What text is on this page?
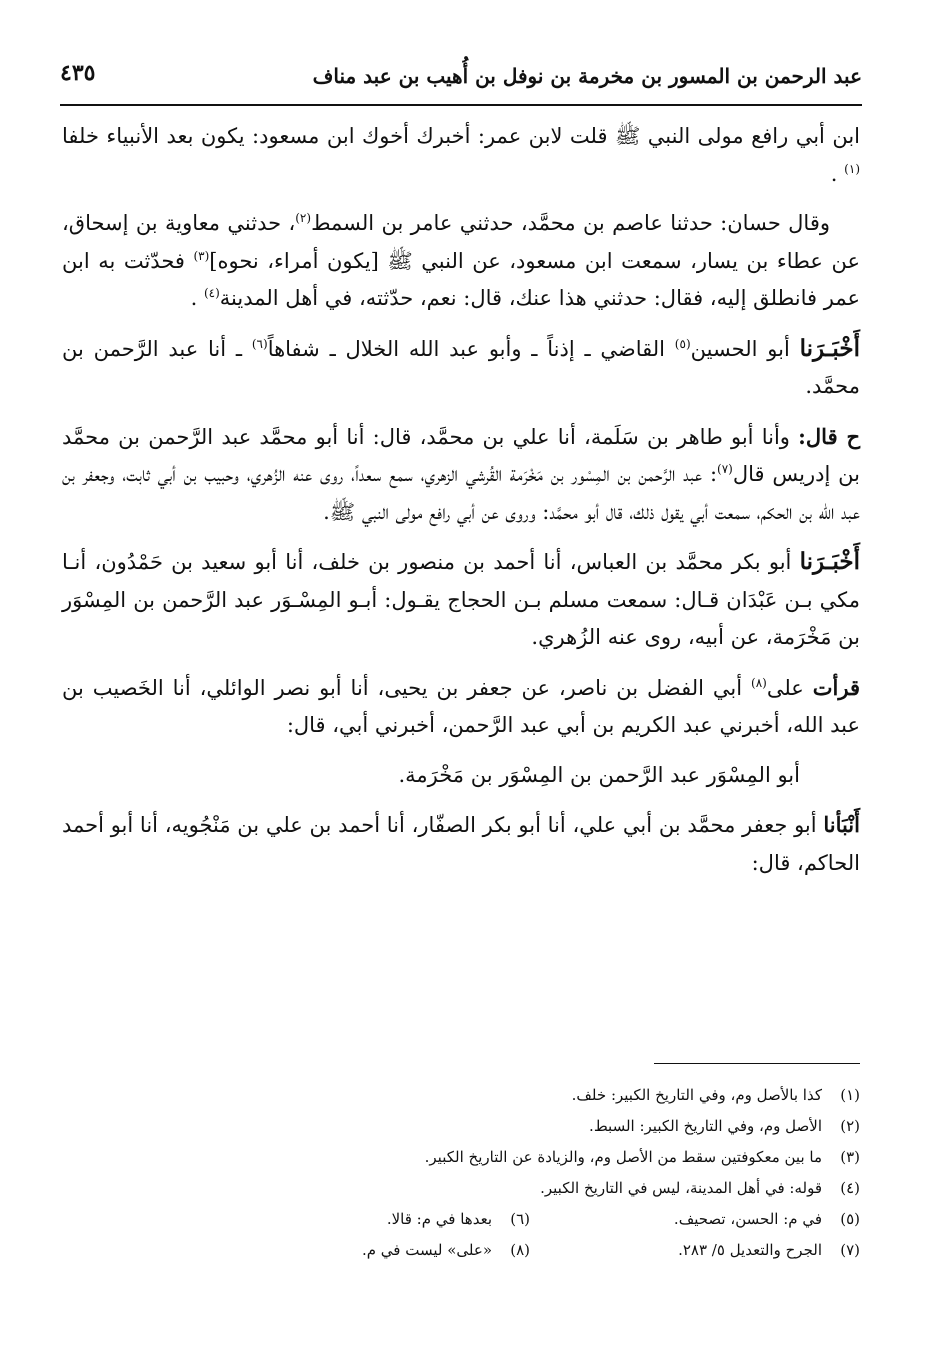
عبد الرحمن بن المسور بن مخرمة بن نوفل بن أُهيب بن عبد مناف
٤٣٥

ابن أبي رافع مولى النبي ﷺ قلت لابن عمر: أخبرك أخوك ابن مسعود: يكون بعد الأنبياء خلفا $^{(١)}$ .

وقال حسان: حدثنا عاصم بن محمَّد، حدثني عامر بن السمط$^{(٢)}$، حدثني معاوية بن إسحاق، عن عطاء بن يسار، سمعت ابن مسعود، عن النبي ﷺ [يكون أمراء، نحوه]$^{(٣)}$ فحدّثت به ابن عمر فانطلق إليه، فقال: حدثني هذا عنك، قال: نعم، حدّثته، في أهل المدينة$^{(٤)}$ .

أَخْبَـرَنا أبو الحسين$^{(٥)}$ القاضي ـ إذناً ـ وأبو عبد الله الخلال ـ شفاهاً$^{(٦)}$ ـ أنا عبد الرَّحمن بن محمَّد.

ح قال: وأنا أبو طاهر بن سَلَمة، أنا علي بن محمَّد، قال: أنا أبو محمَّد عبد الرَّحمن بن محمَّد بن إدريس قال$^{(٧)}$: عبد الرَّحمن بن المِسْور بن مَخْرَمة القُرشي الزهري، سمع سعداً، روى عنه الزُهري، وحبيب بن أبي ثابت، وجعفر بن عبد الله بن الحكم، سمعت أبي يقول ذلك، قال أبو محمَّد: وروى عن أبي رافع مولى النبي ﷺ.

أَخْبَـرَنا أبو بكر محمَّد بن العباس، أنا أحمد بن منصور بن خلف، أنا أبو سعيد بن حَمْدُون، أنـا مكي بـن عَبْدَان قـال: سمعت مسلم بـن الحجاج يقـول: أبـو المِسْـوَر عبد الرَّحمن بن المِسْوَر بن مَخْرَمة، عن أبيه، روى عنه الزُهري.

قرأت على$^{(٨)}$ أبي الفضل بن ناصر، عن جعفر بن يحيى، أنا أبو نصر الوائلي، أنا الخَصيب بن عبد الله، أخبرني عبد الكريم بن أبي عبد الرَّحمن، أخبرني أبي، قال:

أبو المِسْوَر عبد الرَّحمن بن المِسْوَر بن مَخْرَمة.

أَنْبَأنا أبو جعفر محمَّد بن أبي علي، أنا أبو بكر الصفّار، أنا أحمد بن علي بن مَنْجُويه، أنا أبو أحمد الحاكم، قال:

(١)
كذا بالأصل وم، وفي التاريخ الكبير: خلف.
(٢)
الأصل وم، وفي التاريخ الكبير: السبط.
(٣)
ما بين معكوفتين سقط من الأصل وم، والزيادة عن التاريخ الكبير.
(٤)
قوله: في أهل المدينة، ليس في التاريخ الكبير.
(٥)
في م: الحسن، تصحيف.
(٦)
بعدها في م: قالا.
(٧)
الجرح والتعديل ٥/ ٢٨٣.
(٨)
«على» ليست في م.
